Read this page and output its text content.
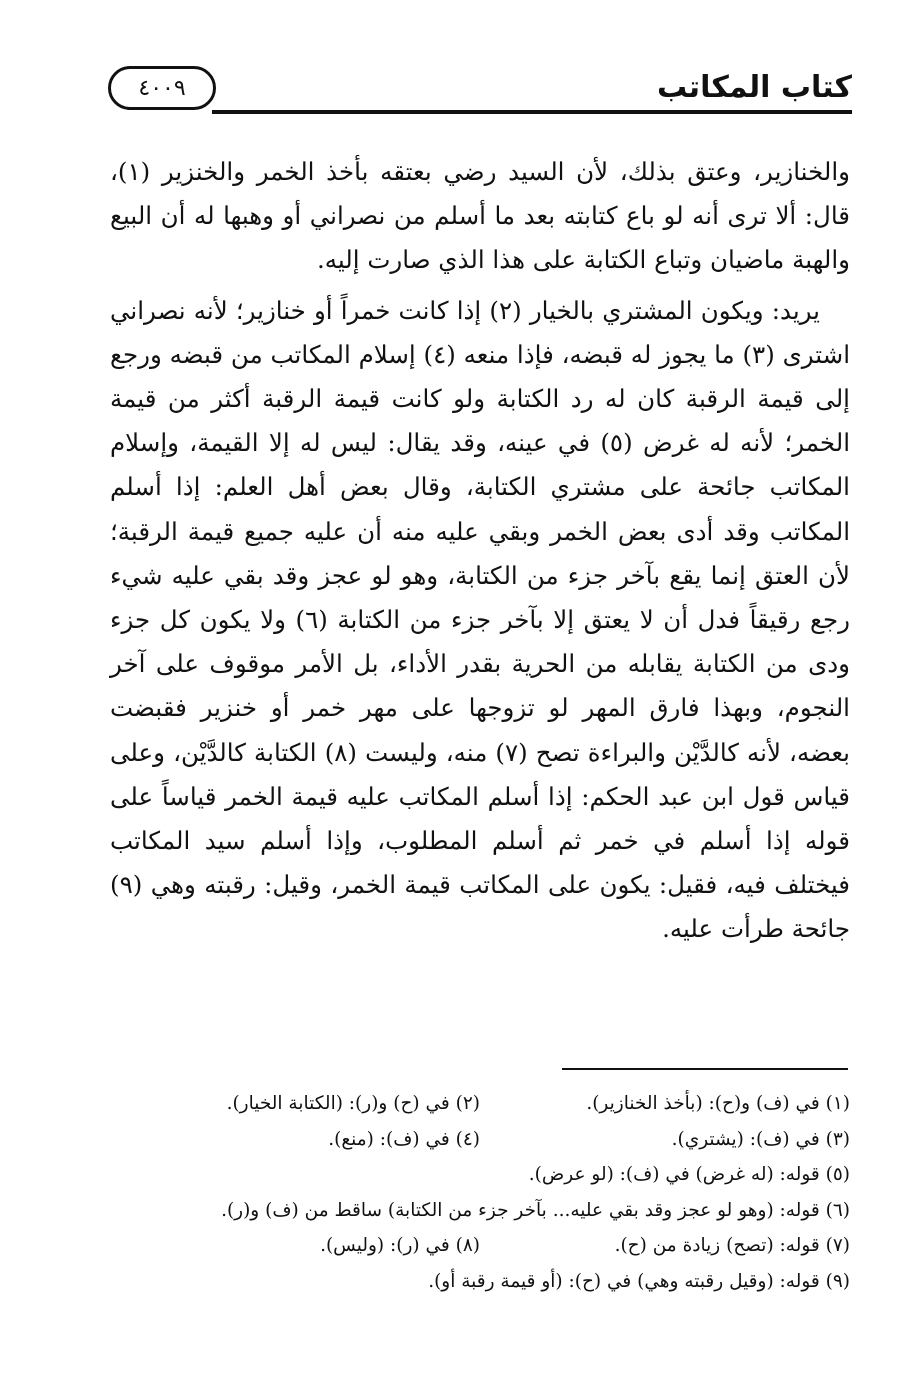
كتاب المكاتب
٤٠٠٩

والخنازير، وعتق بذلك، لأن السيد رضي بعتقه بأخذ الخمر والخنزير (١)، قال: ألا ترى أنه لو باع كتابته بعد ما أسلم من نصراني أو وهبها له أن البيع والهبة ماضيان وتباع الكتابة على هذا الذي صارت إليه.

يريد: ويكون المشتري بالخيار (٢) إذا كانت خمراً أو خنازير؛ لأنه نصراني اشترى (٣) ما يجوز له قبضه، فإذا منعه (٤) إسلام المكاتب من قبضه ورجع إلى قيمة الرقبة كان له رد الكتابة ولو كانت قيمة الرقبة أكثر من قيمة الخمر؛ لأنه له غرض (٥) في عينه، وقد يقال: ليس له إلا القيمة، وإسلام المكاتب جائحة على مشتري الكتابة، وقال بعض أهل العلم: إذا أسلم المكاتب وقد أدى بعض الخمر وبقي عليه منه أن عليه جميع قيمة الرقبة؛ لأن العتق إنما يقع بآخر جزء من الكتابة، وهو لو عجز وقد بقي عليه شيء رجع رقيقاً فدل أن لا يعتق إلا بآخر جزء من الكتابة (٦) ولا يكون كل جزء ودى من الكتابة يقابله من الحرية بقدر الأداء، بل الأمر موقوف على آخر النجوم، وبهذا فارق المهر لو تزوجها على مهر خمر أو خنزير فقبضت بعضه، لأنه كالدَّيْن والبراءة تصح (٧) منه، وليست (٨) الكتابة كالدَّيْن، وعلى قياس قول ابن عبد الحكم: إذا أسلم المكاتب عليه قيمة الخمر قياساً على قوله إذا أسلم في خمر ثم أسلم المطلوب، وإذا أسلم سيد المكاتب فيختلف فيه، فقيل: يكون على المكاتب قيمة الخمر، وقيل: رقبته وهي (٩) جائحة طرأت عليه.

(١) في (ف) و(ح): (بأخذ الخنازير).
(٢) في (ح) و(ر): (الكتابة الخيار).
(٣) في (ف): (يشتري).
(٤) في (ف): (منع).
(٥) قوله: (له غرض) في (ف): (لو عرض).
(٦) قوله: (وهو لو عجز وقد بقي عليه... بآخر جزء من الكتابة) ساقط من (ف) و(ر).
(٧) قوله: (تصح) زيادة من (ح).
(٨) في (ر): (وليس).
(٩) قوله: (وقيل رقبته وهي) في (ح): (أو قيمة رقبة أو).
